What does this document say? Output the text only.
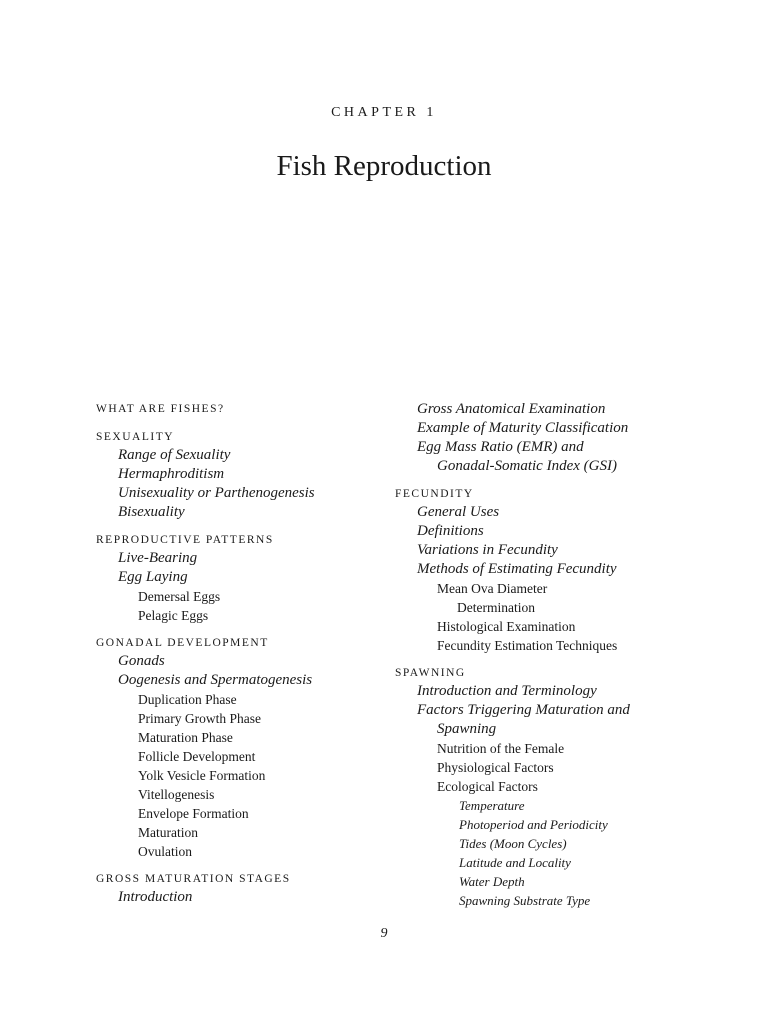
CHAPTER 1
Fish Reproduction
WHAT ARE FISHES?
SEXUALITY
Range of Sexuality
Hermaphroditism
Unisexuality or Parthenogenesis
Bisexuality
REPRODUCTIVE PATTERNS
Live-Bearing
Egg Laying
Demersal Eggs
Pelagic Eggs
GONADAL DEVELOPMENT
Gonads
Oogenesis and Spermatogenesis
Duplication Phase
Primary Growth Phase
Maturation Phase
Follicle Development
Yolk Vesicle Formation
Vitellogenesis
Envelope Formation
Maturation
Ovulation
GROSS MATURATION STAGES
Introduction
Gross Anatomical Examination
Example of Maturity Classification
Egg Mass Ratio (EMR) and
Gonadal-Somatic Index (GSI)
FECUNDITY
General Uses
Definitions
Variations in Fecundity
Methods of Estimating Fecundity
Mean Ova Diameter
Determination
Histological Examination
Fecundity Estimation Techniques
SPAWNING
Introduction and Terminology
Factors Triggering Maturation and
Spawning
Nutrition of the Female
Physiological Factors
Ecological Factors
Temperature
Photoperiod and Periodicity
Tides (Moon Cycles)
Latitude and Locality
Water Depth
Spawning Substrate Type
9
